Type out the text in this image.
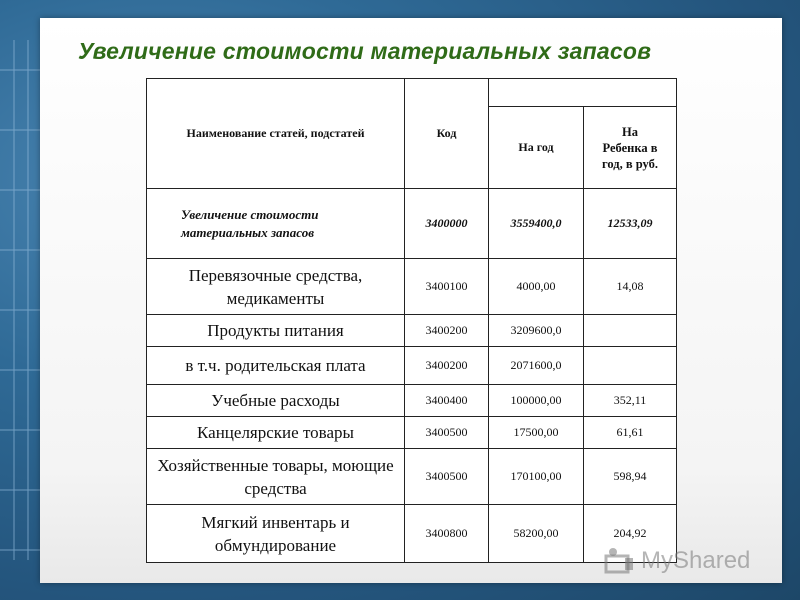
Увеличение стоимости материальных запасов
Наименование статей, подстатей	Код		
		На год	На Ребенка в год, в руб.
Увеличение стоимости материальных запасов	3400000	3559400,0	12533,09
Перевязочные средства, медикаменты	3400100	4000,00	14,08
Продукты питания	3400200	3209600,0	
в т.ч. родительская плата	3400200	2071600,0	
Учебные расходы	3400400	100000,00	352,11
Канцелярские товары	3400500	17500,00	61,61
Хозяйственные товары, моющие средства	3400500	170100,00	598,94
Мягкий инвентарь и обмундирование	3400800	58200,00	204,92
MyShared
